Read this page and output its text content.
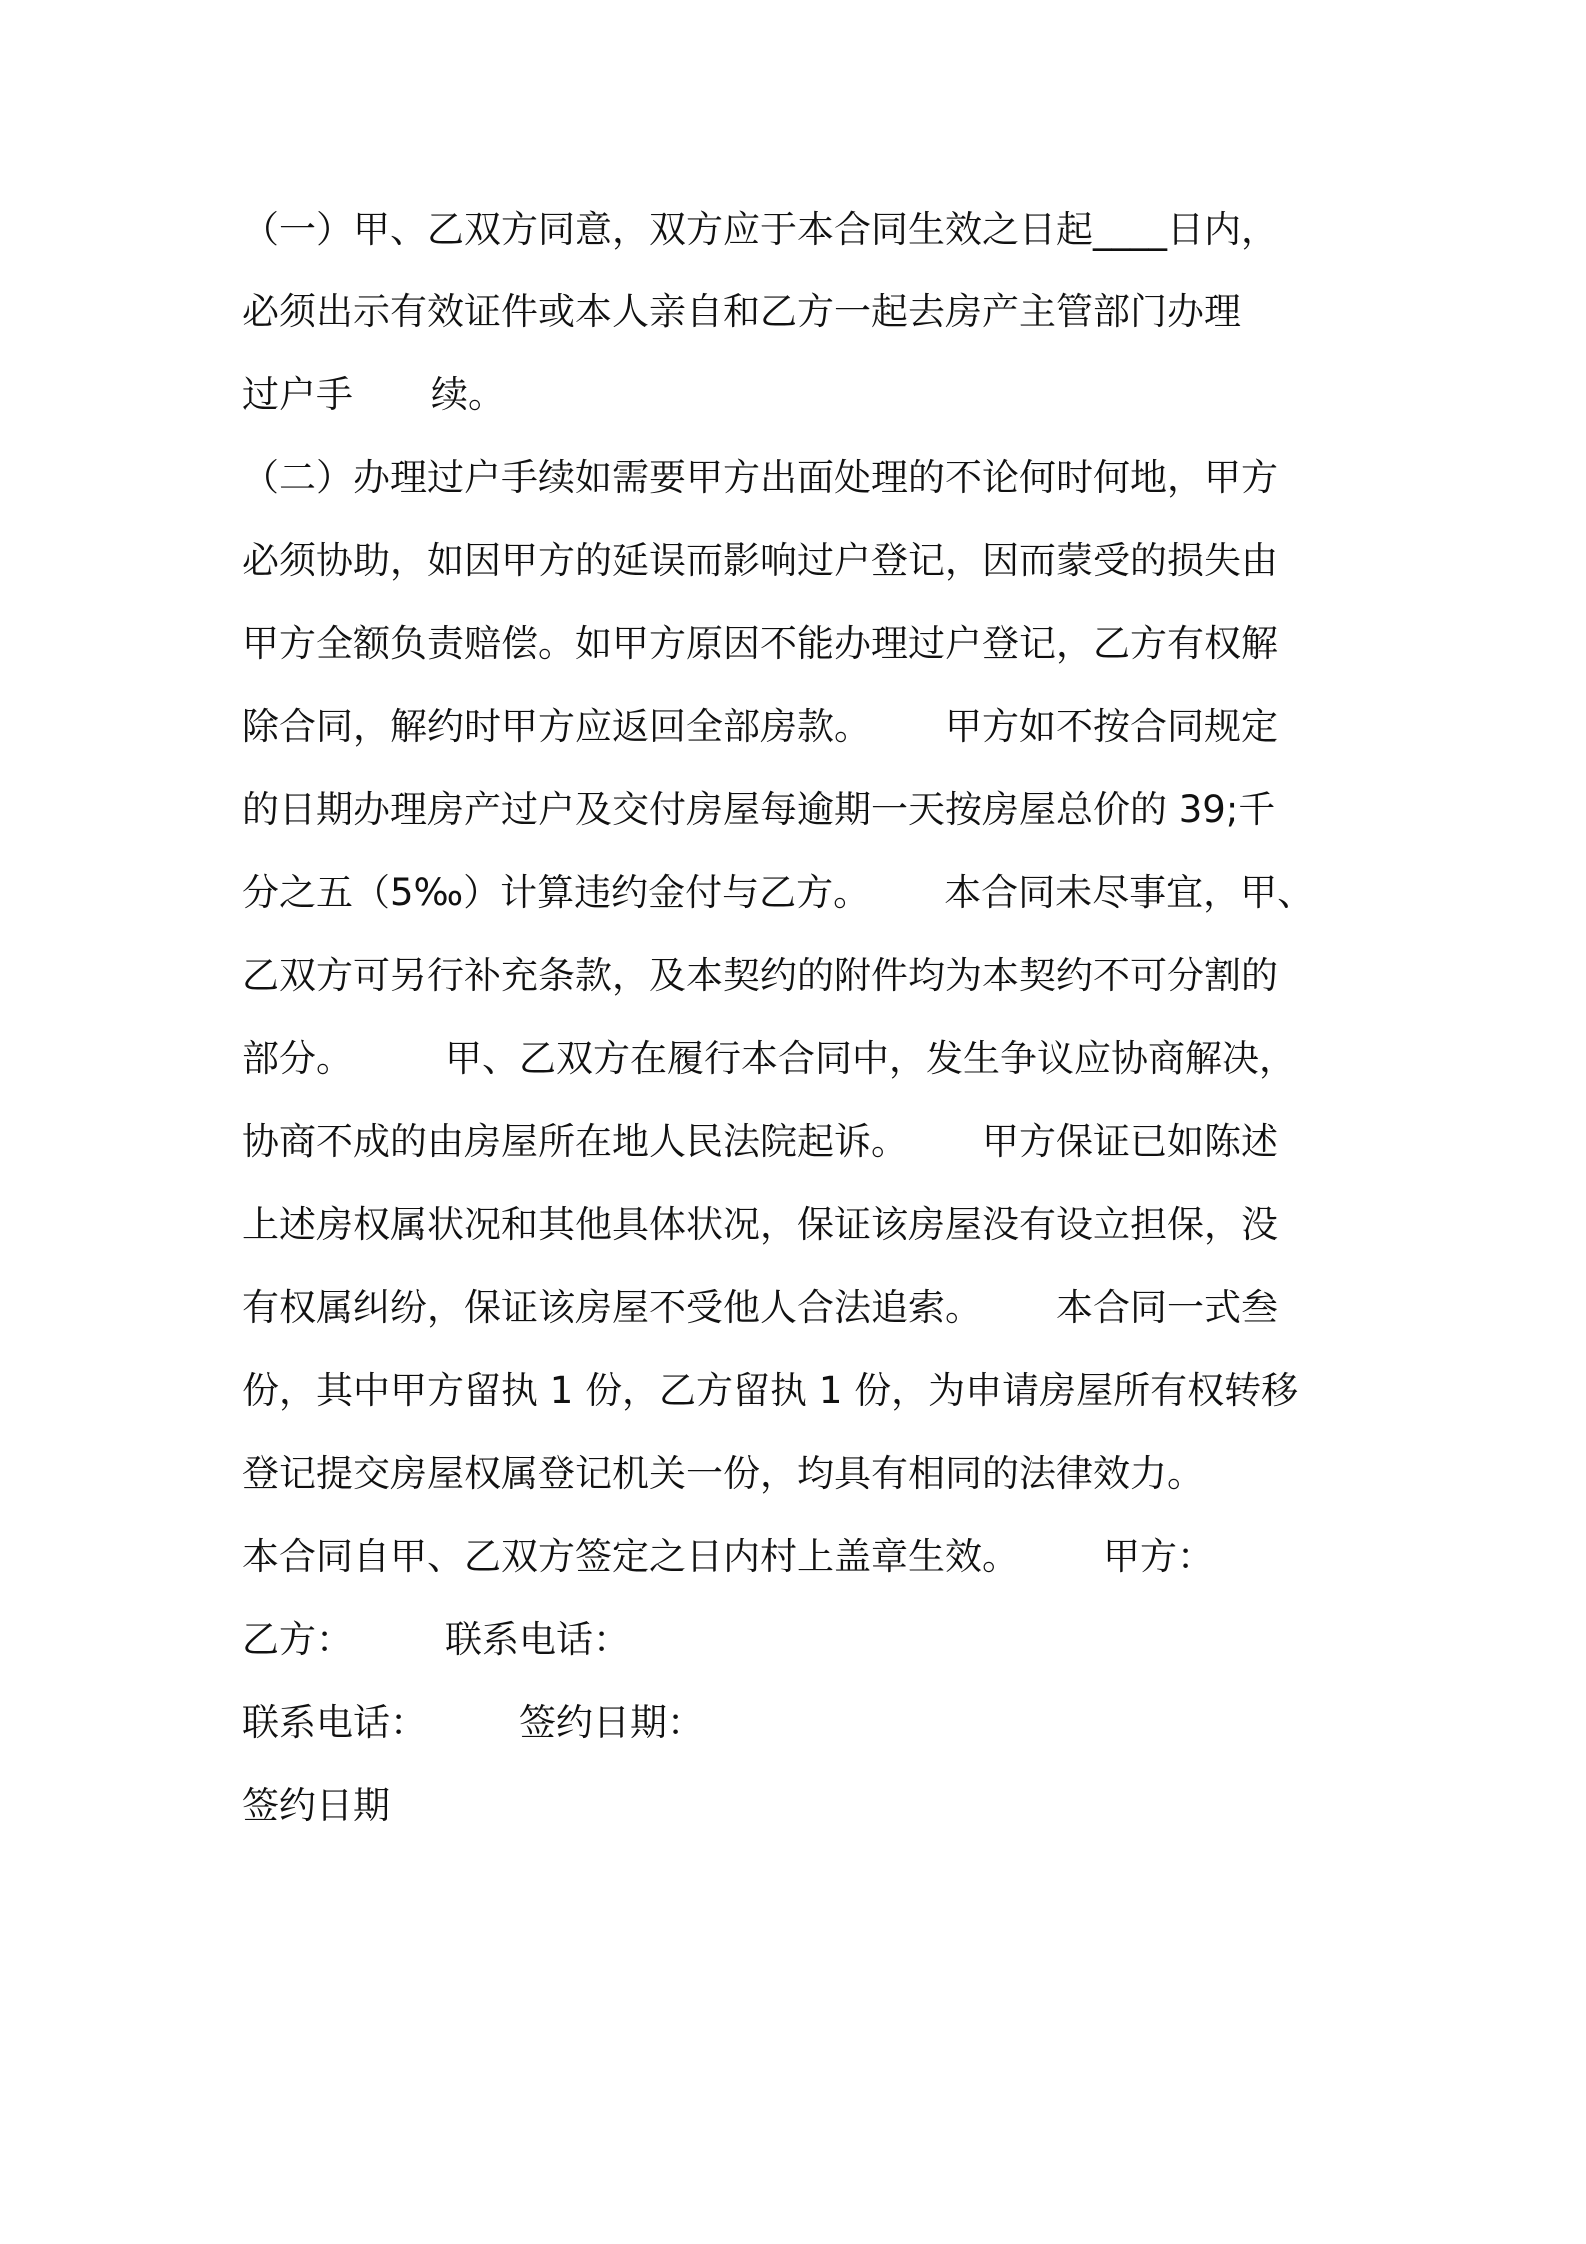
（一）甲、乙双方同意，双方应于本合同生效之日起____日内，
必须出示有效证件或本人亲自和乙方一起去房产主管部门办理
过户手 续。
（二）办理过户手续如需要甲方出面处理的不论何时何地，甲方
必须协助，如因甲方的延误而影响过户登记，因而蒙受的损失由
甲方全额负责赔偿。如甲方原因不能办理过户登记，乙方有权解
除合同，解约时甲方应返回全部房款。 甲方如不按合同规定
的日期办理房产过户及交付房屋每逾期一天按房屋总价的 39;千
分之五（5‰）计算违约金付与乙方。 本合同未尽事宜，甲、
乙双方可另行补充条款，及本契约的附件均为本契约不可分割的
部分。 甲、乙双方在履行本合同中，发生争议应协商解决，
协商不成的由房屋所在地人民法院起诉。 甲方保证已如陈述
上述房权属状况和其他具体状况，保证该房屋没有设立担保，没
有权属纠纷，保证该房屋不受他人合法追索。 本合同一式叁
份，其中甲方留执 1 份，乙方留执 1 份，为申请房屋所有权转移
登记提交房屋权属登记机关一份，均具有相同的法律效力。
本合同自甲、乙双方签定之日内村上盖章生效。 甲方：
乙方： 联系电话：
联系电话： 签约日期：
签约日期
